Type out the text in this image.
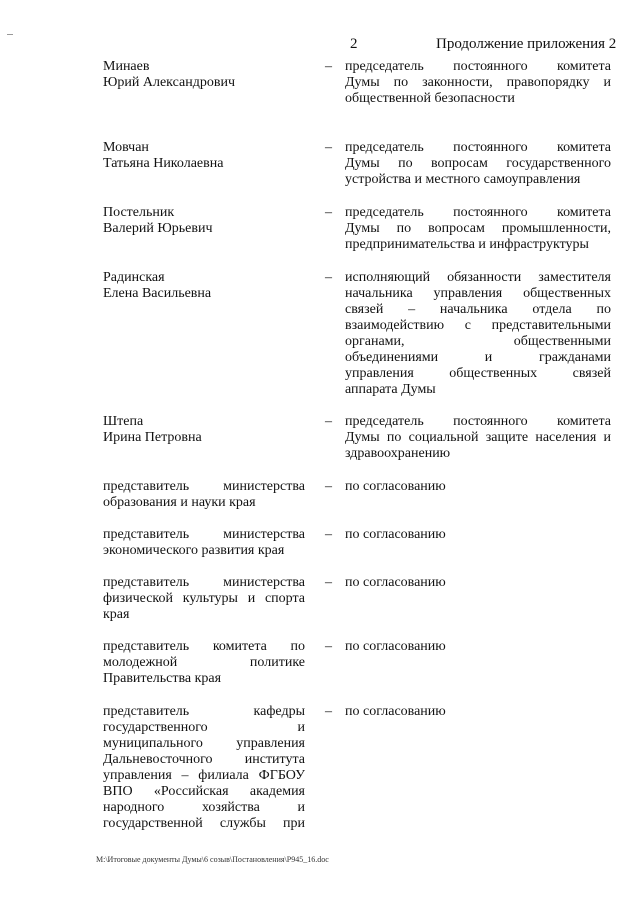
2	Продолжение приложения 2
Минаев
Юрий Александрович
– председатель постоянного комитета
Думы по законности, правопорядку и
общественной безопасности
Мовчан
Татьяна Николаевна
– председатель постоянного комитета
Думы по вопросам государственного
устройства и местного самоуправления
Постельник
Валерий Юрьевич
– председатель постоянного комитета
Думы по вопросам промышленности,
предпринимательства и инфраструктуры
Радинская
Елена Васильевна
– исполняющий обязанности заместителя
начальника управления общественных
связей – начальника отдела по
взаимодействию с представительными
органами, общественными
объединениями и гражданами
управления общественных связей
аппарата Думы
Штепа
Ирина Петровна
– председатель постоянного комитета
Думы по социальной защите населения и
здравоохранению
представитель министерства
образования и науки края
– по согласованию
представитель министерства
экономического развития края
– по согласованию
представитель министерства
физической культуры и спорта
края
– по согласованию
представитель комитета по
молодежной политике
Правительства края
– по согласованию
представитель кафедры
государственного и
муниципального управления
Дальневосточного института
управления – филиала ФГБОУ
ВПО «Российская академия
народного хозяйства и
государственной службы при
– по согласованию
М:\Итоговые документы Думы\6 созыв\Постановления\Р945_16.doc
